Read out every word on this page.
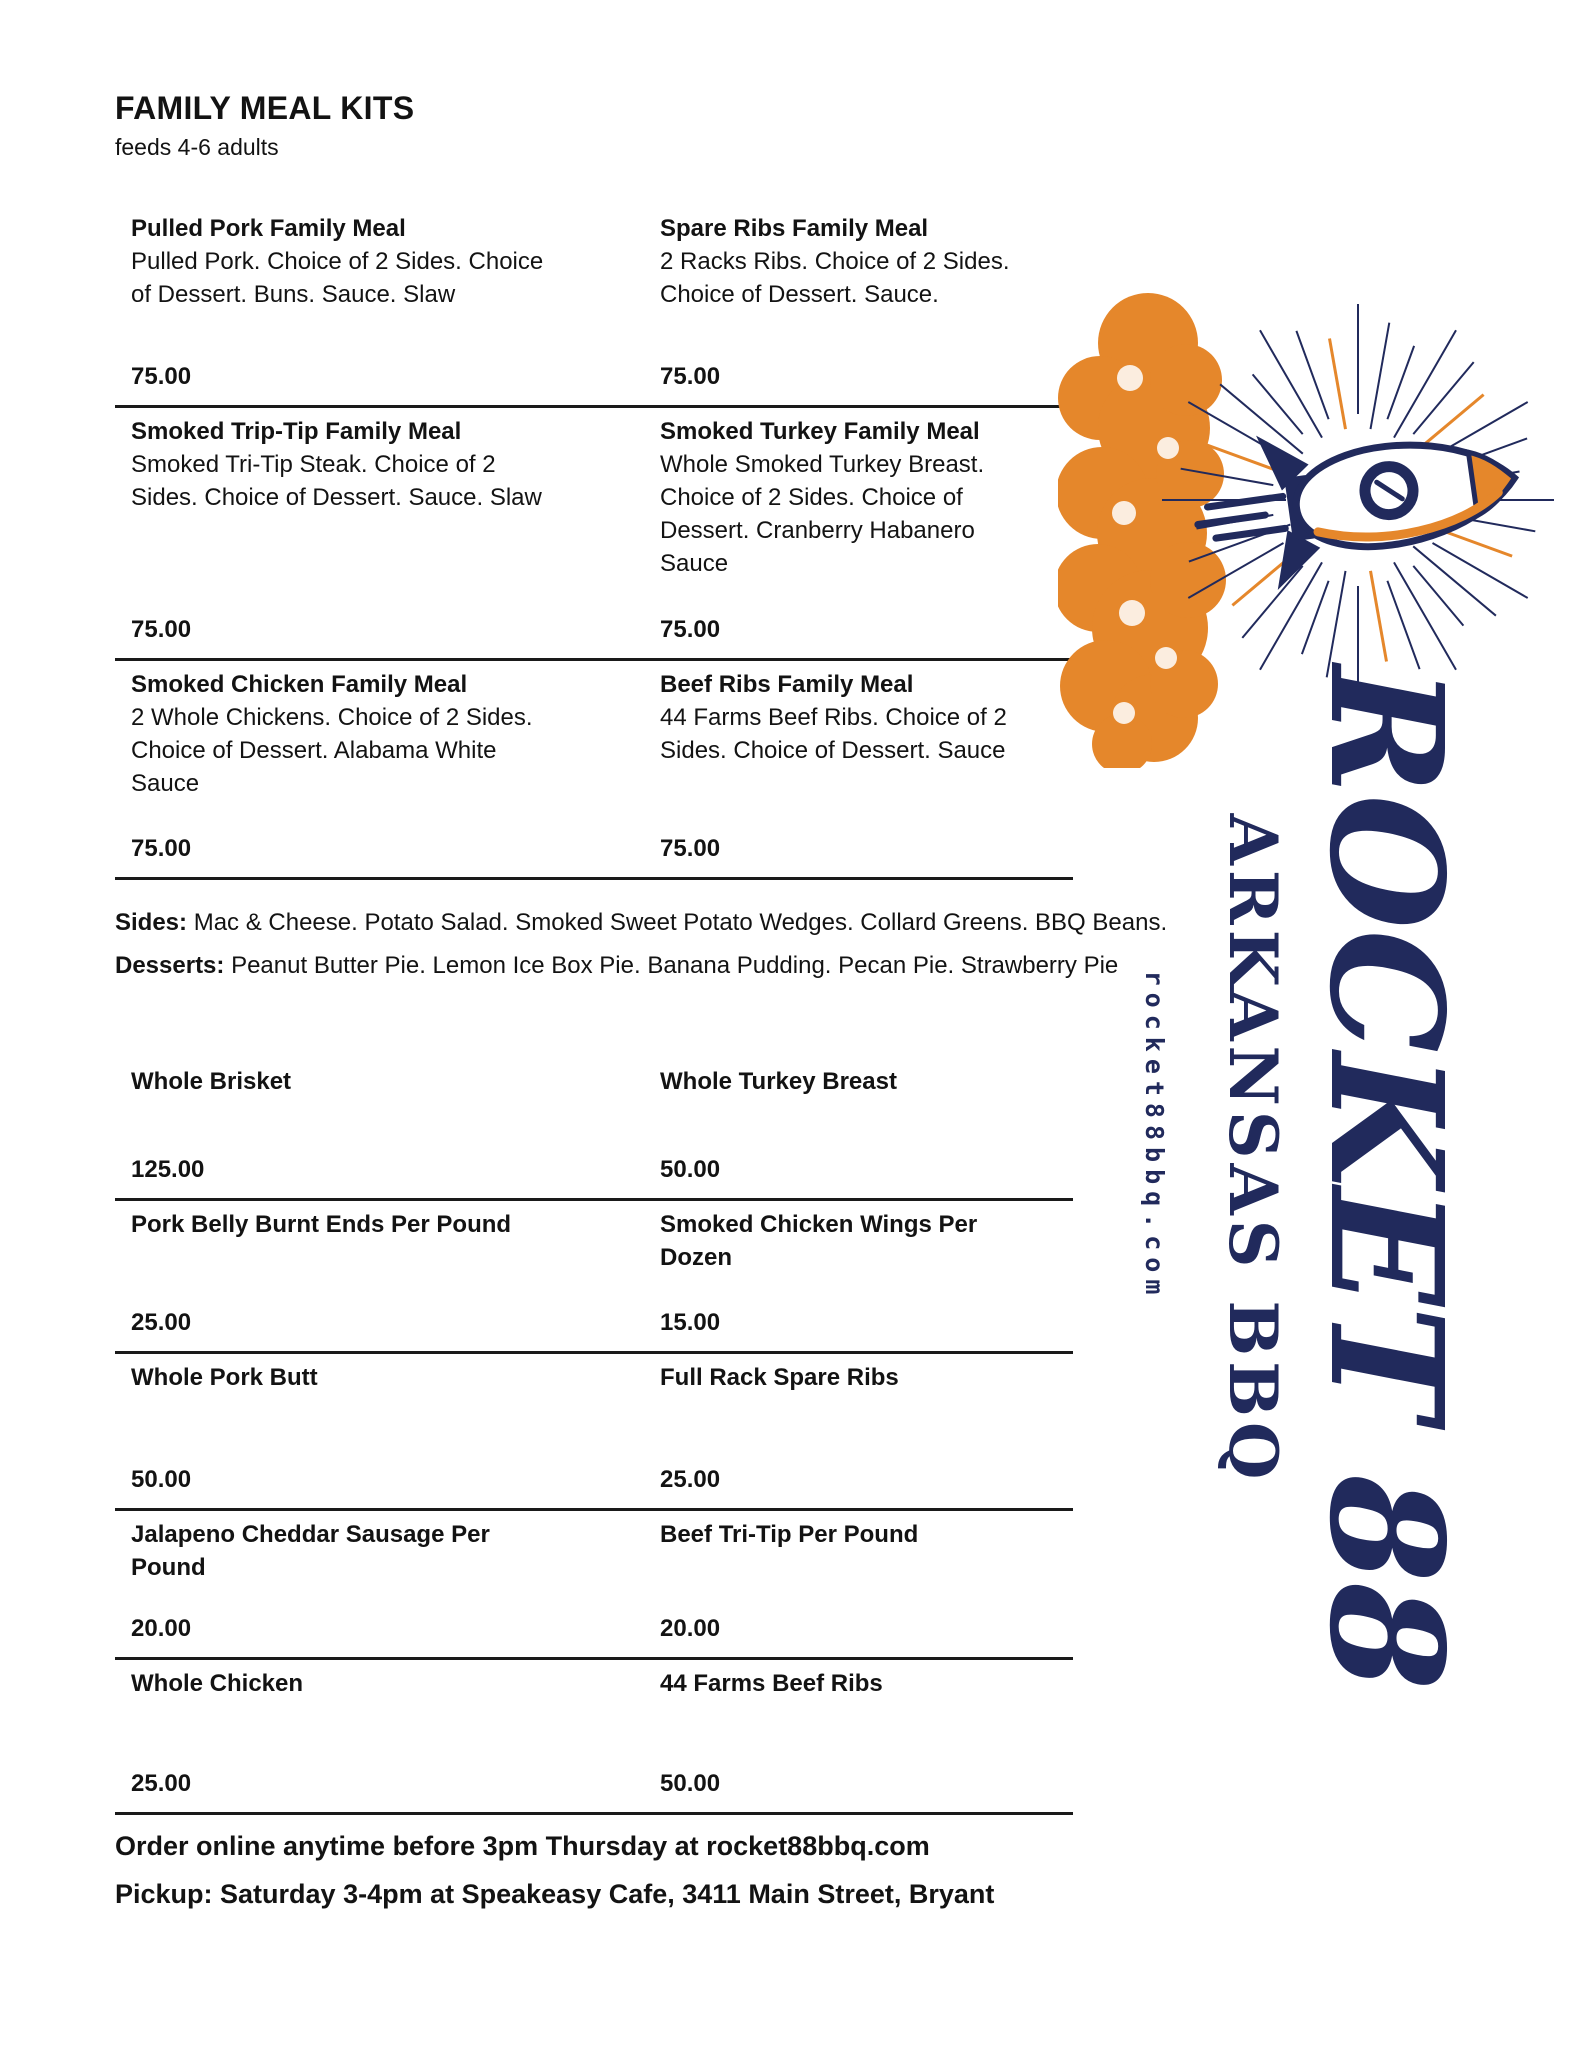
FAMILY MEAL KITS
feeds 4-6 adults
Pulled Pork Family Meal
Pulled Pork. Choice of 2 Sides. Choice of Dessert. Buns. Sauce. Slaw
75.00
Spare Ribs Family Meal
2 Racks Ribs. Choice of 2 Sides. Choice of Dessert. Sauce.
75.00
Smoked Trip-Tip Family Meal
Smoked Tri-Tip Steak. Choice of 2 Sides. Choice of Dessert. Sauce. Slaw
75.00
Smoked Turkey Family Meal
Whole Smoked Turkey Breast. Choice of 2 Sides. Choice of Dessert. Cranberry Habanero Sauce
75.00
Smoked Chicken Family Meal
2 Whole Chickens. Choice of 2 Sides. Choice of Dessert. Alabama White Sauce
75.00
Beef Ribs Family Meal
44 Farms Beef Ribs. Choice of 2 Sides. Choice of Dessert. Sauce
75.00

Sides: Mac & Cheese. Potato Salad. Smoked Sweet Potato Wedges. Collard Greens. BBQ Beans.

Desserts: Peanut Butter Pie. Lemon Ice Box Pie. Banana Pudding. Pecan Pie. Strawberry Pie

Whole Brisket
125.00
Whole Turkey Breast
50.00
Pork Belly Burnt Ends Per Pound
25.00
Smoked Chicken Wings Per Dozen
15.00
Whole Pork Butt
50.00
Full Rack Spare Ribs
25.00
Jalapeno Cheddar Sausage Per Pound
20.00
Beef Tri-Tip Per Pound
20.00
Whole Chicken
25.00
44 Farms Beef Ribs
50.00

Order online anytime before 3pm Thursday at rocket88bbq.com

Pickup: Saturday 3-4pm at Speakeasy Cafe, 3411 Main Street, Bryant

ROCKET 88
ARKANSAS BBQ
rocket88bbq.com
